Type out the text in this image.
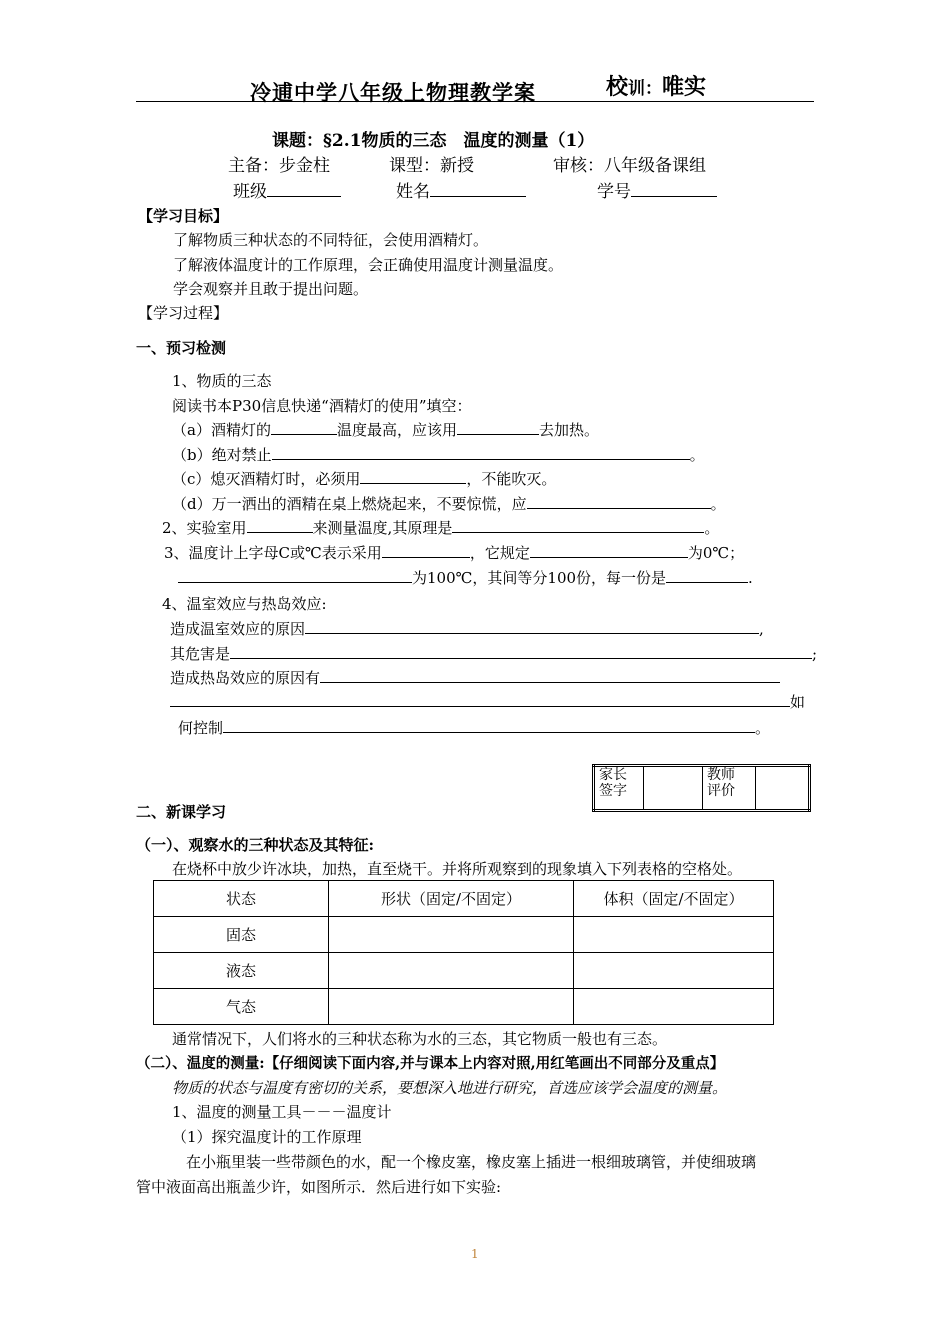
冷逋中学八年级上物理教学案	校训：唯实
课题：§2.1物质的三态　温度的测量（1）
主备：步金柱	课型：新授	审核：八年级备课组
班级	姓名	学号
【学习目标】
了解物质三种状态的不同特征，会使用酒精灯。
了解液体温度计的工作原理，会正确使用温度计测量温度。
学会观察并且敢于提出问题。
【学习过程】
一、预习检测
1、物质的三态
阅读书本P30信息快递“酒精灯的使用”填空：
（a）酒精灯的	温度最高，应该用	去加热。
（b）绝对禁止	。
（c）熄灭酒精灯时，必须用	，不能吹灭。
（d）万一洒出的酒精在桌上燃烧起来，不要惊慌，应	。
2、实验室用	来测量温度,其原理是	。
3、温度计上字母C或℃表示采用	，它规定	为0℃；
为100℃，其间等分100份，每一份是	.
4、温室效应与热岛效应:
造成温室效应的原因	,
其危害是	;
造成热岛效应的原因有
如
何控制	。
家长
签字		教师
评价	
二、新课学习
（一）、观察水的三种状态及其特征:
在烧杯中放少许冰块，加热，直至烧干。并将所观察到的现象填入下列表格的空格处。
状态	形状（固定/不固定）	体积（固定/不固定）
固态		
液态		
气态		
通常情况下，人们将水的三种状态称为水的三态，其它物质一般也有三态。
（二）、温度的测量:【仔细阅读下面内容,并与课本上内容对照,用红笔画出不同部分及重点】
物质的状态与温度有密切的关系，要想深入地进行研究，首选应该学会温度的测量。
1、温度的测量工具－－－温度计
（1）探究温度计的工作原理
在小瓶里装一些带颜色的水，配一个橡皮塞，橡皮塞上插进一根细玻璃管，并使细玻璃
管中液面高出瓶盖少许，如图所示．然后进行如下实验:
1
